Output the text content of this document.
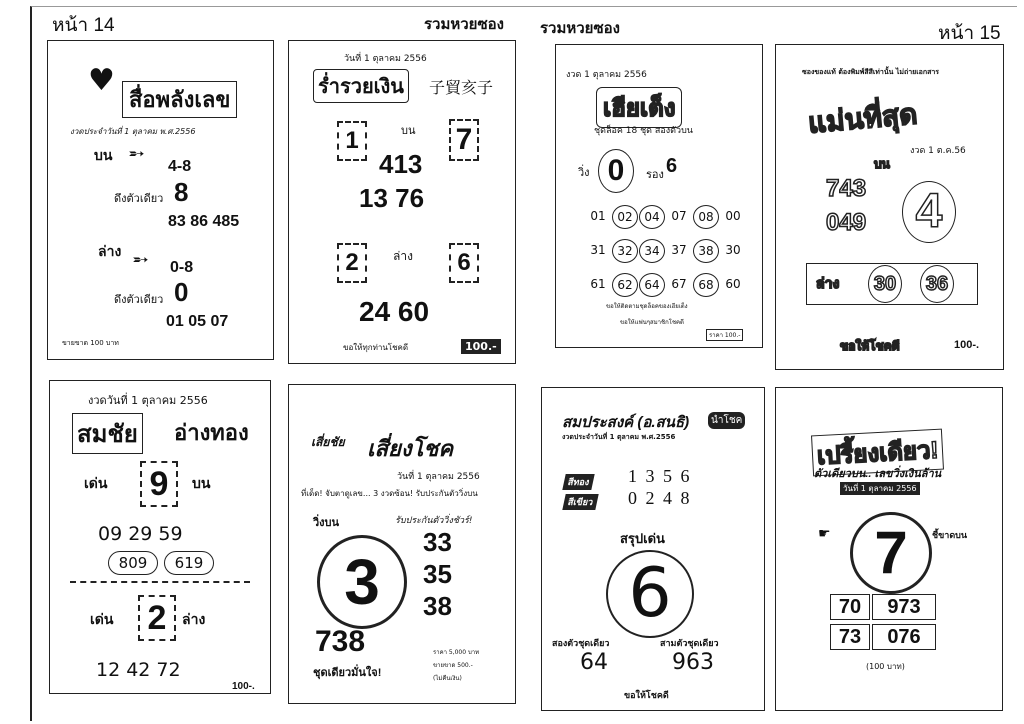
หน้า 14	รวมหวยซอง รวมหวยซอง	หน้า 15
♥
สื่อพลังเลข
งวดประจำวันที่ 1 ตุลาคม พ.ศ.2556
บน ➵
4-8
ดึงตัวเดียว 8
83 86 485
ล่าง ➵ 0-8
ดึงตัวเดียว 0
01 05 07
ขายขาด 100 บาท
วันที่ 1 ตุลาคม 2556
ร่ำรวยเงิน	子貿亥子
1	บน 7
413
13 76
2	ล่าง	6
24 60
ขอให้ทุกท่านโชคดี	100.-
งวด 1 ตุลาคม 2556
เฮียเต็ง
ชุดล็อค 18 ชุด สองตัวบน
วิ่ง 0	รอง 6
01 02 04 07 08 00
31 32 34 37 38 30
61 62 64 67 68 60
ขอให้ติดตามชุดล็อคของเฮียเต็ง
ขอให้แฟนๆสมาชิกโชคดี
ราคา 100.-
ซองของแท้ ต้องพิมพ์สีสีเท่านั้น ไม่ถ่ายเอกสาร
แม่นที่สุด
งวด 1 ต.ค.56
บน
743
049 4
ล่าง 30 36
ขอให้โชคดี	100-.
งวดวันที่ 1 ตุลาคม 2556
สมชัย อ่างทอง
เด่น 9	บน
09 29 59
809	619
เด่น 2	ล่าง
12 42 72
100-.
เสี่ยชัย เสี่ยงโชค
วันที่ 1 ตุลาคม 2556
ที่เด็ด! จับตาดูเลข... 3 งวดซ้อน! รับประกันตัววิ่งบน
วิ่งบน	รับประกันตัววิ่งชัวร์!
3
33
35
38
738
ชุดเดียวมั่นใจ!
ราคา 5,000 บาท
ขายขาด 500.-
(ไม่คืนเงิน)
สมประสงค์ (อ.สนธิ)	นำโชค
งวดประจำวันที่ 1 ตุลาคม พ.ศ.2556
สีทอง 1 3 5 6
สีเขียว 0 2 4 8
สรุปเด่น
6
สองตัวชุดเดียว	สามตัวชุดเดียว
64	963
ขอให้โชคดี
เปรี้ยงเดียว!
ตัวเดียวบน.. เลขวิ่งเงินล้าน
วันที่ 1 ตุลาคม 2556
☛ 7	ชี้ขาดบน
70	973
73	076
(100 บาท)
